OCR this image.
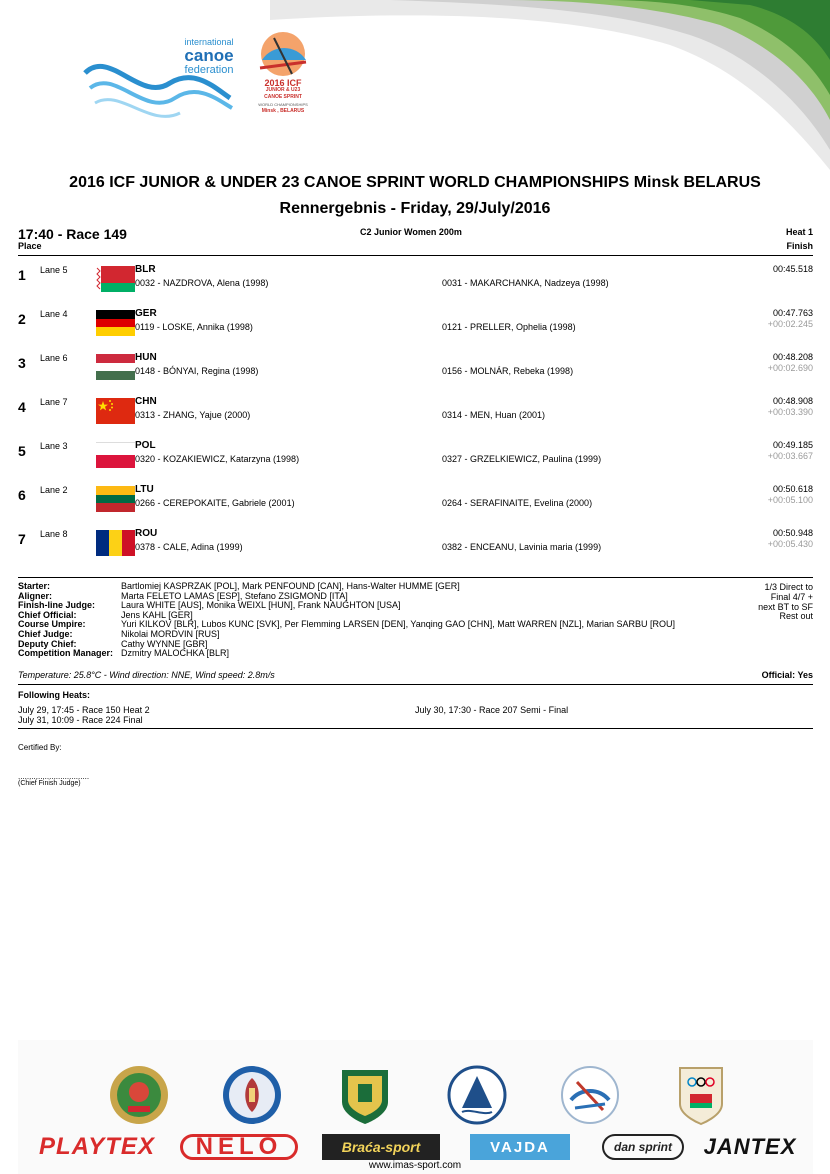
international
canoe
federation
2016 ICF
JUNIOR & U23
CANOE SPRINT
WORLD CHAMPIONSHIPS
Minsk , BELARUS
2016 ICF JUNIOR & UNDER 23 CANOE SPRINT WORLD CHAMPIONSHIPS Minsk BELARUS
Rennergebnis - Friday, 29/July/2016
17:40 - Race 149
Place
C2 Junior Women 200m	Heat 1
Finish
1 Lane 5	BLR
0032 - NAZDROVA, Alena (1998)	0031 - MAKARCHANKA, Nadzeya (1998)
00:45.518
2 Lane 4	GER
0119 - LOSKE, Annika (1998)	0121 - PRELLER, Ophelia (1998)
00:47.763
+00:02.245
3 Lane 6	HUN
0148 - BÓNYAI, Regina (1998)	0156 - MOLNÁR, Rebeka (1998)
00:48.208
+00:02.690
4 Lane 7	CHN
0313 - ZHANG, Yajue (2000)	0314 - MEN, Huan (2001)
00:48.908
+00:03.390
5 Lane 3	POL
0320 - KOZAKIEWICZ, Katarzyna (1998)	0327 - GRZELKIEWICZ, Paulina (1999)
00:49.185
+00:03.667
6 Lane 2	LTU
0266 - CEREPOKAITE, Gabriele (2001)	0264 - SERAFINAITE, Evelina (2000)
00:50.618
+00:05.100
7 Lane 8	ROU
0378 - CALE, Adina (1999)	0382 - ENCEANU, Lavinia maria (1999)
00:50.948
+00:05.430
Starter:	Bartlomiej KASPRZAK [POL], Mark PENFOUND [CAN], Hans-Walter HUMME [GER]
Aligner:	Marta FELETO LAMAS [ESP], Stefano ZSIGMOND [ITA]
Finish-line Judge:	Laura WHITE [AUS], Monika WEIXL [HUN], Frank NAUGHTON [USA]
Chief Official:	Jens KAHL [GER]
Course Umpire:	Yuri KILKOV [BLR], Lubos KUNC [SVK], Per Flemming LARSEN [DEN], Yanqing GAO [CHN], Matt WARREN [NZL], Marian SARBU [ROU]
Chief Judge:	Nikolai MORDVIN [RUS]
Deputy Chief:	Cathy WYNNE [GBR]
Competition Manager: Dzmitry MALOCHKA [BLR]
1/3 Direct to
Final 4/7 +
next BT to SF
Rest out
Temperature: 25.8°C - Wind direction: NNE, Wind speed: 2.8m/s	Official: Yes
Following Heats:
July 29, 17:45 - Race 150 Heat 2
July 31, 10:09 - Race 224 Final
July 30, 17:30 - Race 207 Semi - Final
Certified By:
................................
(Chief Finish Judge)
PLAYTEX	NELO	Braća-sport	VAJDA	dan sprint	JANTEX
www.imas-sport.com
